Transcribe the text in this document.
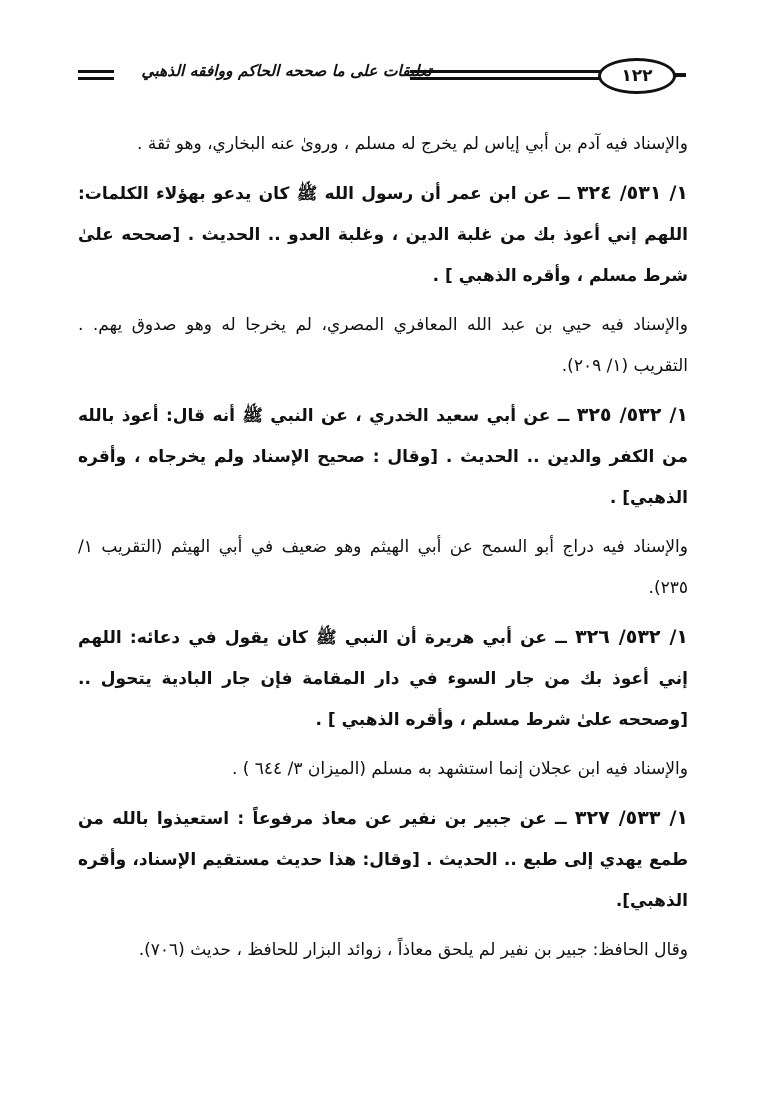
تعليقات على ما صححه الحاكم ووافقه الذهبي	١٢٢

والإسناد فيه آدم بن أبي إياس لم يخرج له مسلم ، وروىٰ عنه البخاري، وهو ثقة .

١/ ٥٣١/ ٣٢٤ ــ عن ابن عمر أن رسول الله ﷺ كان يدعو بهؤلاء الكلمات: اللهم إني أعوذ بك من غلبة الدين ، وغلبة العدو .. الحديث . [صححه علىٰ شرط مسلم ، وأقره الذهبي ] .

والإسناد فيه حيي بن عبد الله المعافري المصري، لم يخرجا له وهو صدوق يهم. . التقريب (١/ ٢٠٩).

١/ ٥٣٢/ ٣٢٥ ــ عن أبي سعيد الخدري ، عن النبي ﷺ أنه قال: أعوذ بالله من الكفر والدين .. الحديث . [وقال : صحيح الإسناد ولم يخرجاه ، وأقره الذهبي] .

والإسناد فيه دراج أبو السمح عن أبي الهيثم وهو ضعيف في أبي الهيثم (التقريب ١/ ٢٣٥).

١/ ٥٣٢/ ٣٢٦ ــ عن أبي هريرة أن النبي ﷺ كان يقول في دعائه: اللهم إني أعوذ بك من جار السوء في دار المقامة فإن جار البادية يتحول .. [وصححه علىٰ شرط مسلم ، وأقره الذهبي ] .

والإسناد فيه ابن عجلان إنما استشهد به مسلم (الميزان ٣/ ٦٤٤ ) .

١/ ٥٣٣/ ٣٢٧ ــ عن جبير بن نفير عن معاذ مرفوعاً : استعيذوا بالله من طمع يهدي إلى طبع .. الحديث . [وقال: هذا حديث مستقيم الإسناد، وأقره الذهبي].

وقال الحافظ: جبير بن نفير لم يلحق معاذاً ، زوائد البزار للحافظ ، حديث (٧٠٦).
